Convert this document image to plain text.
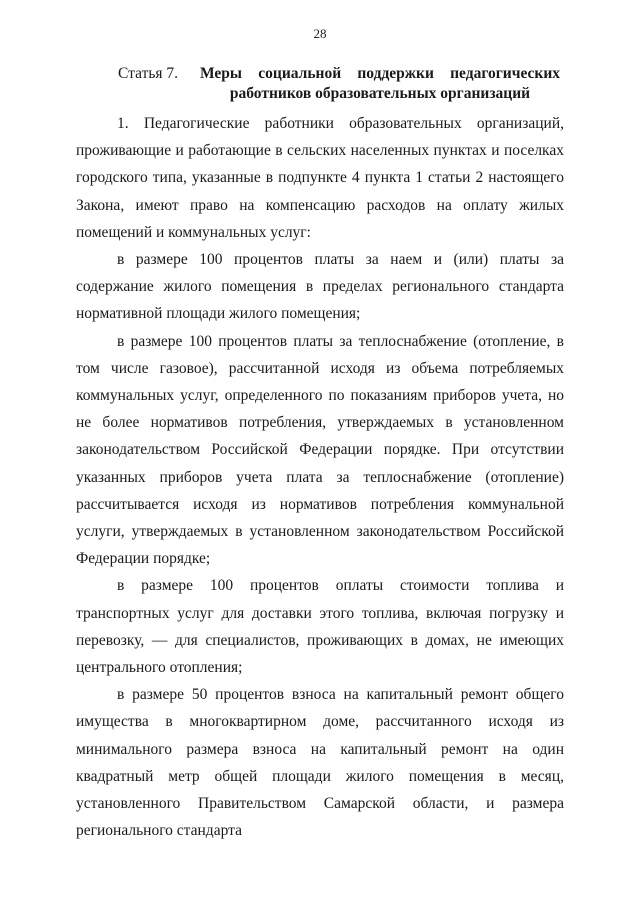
28
Статья 7. Меры социальной поддержки педагогических работников образовательных организаций

1. Педагогические работники образовательных организаций, проживающие и работающие в сельских населенных пунктах и поселках городского типа, указанные в подпункте 4 пункта 1 статьи 2 настоящего Закона, имеют право на компенсацию расходов на оплату жилых помещений и коммунальных услуг:

в размере 100 процентов платы за наем и (или) платы за содержание жилого помещения в пределах регионального стандарта нормативной площади жилого помещения;

в размере 100 процентов платы за теплоснабжение (отопление, в том числе газовое), рассчитанной исходя из объема потребляемых коммунальных услуг, определенного по показаниям приборов учета, но не более нормативов потребления, утверждаемых в установленном законодательством Российской Федерации порядке. При отсутствии указанных приборов учета плата за теплоснабжение (отопление) рассчитывается исходя из нормативов потребления коммунальной услуги, утверждаемых в установленном законодательством Российской Федерации порядке;

в размере 100 процентов оплаты стоимости топлива и транспортных услуг для доставки этого топлива, включая погрузку и перевозку, — для специалистов, проживающих в домах, не имеющих центрального отопления;

в размере 50 процентов взноса на капитальный ремонт общего имущества в многоквартирном доме, рассчитанного исходя из минимального размера взноса на капитальный ремонт на один квадратный метр общей площади жилого помещения в месяц, установленного Правительством Самарской области, и размера регионального стандарта
